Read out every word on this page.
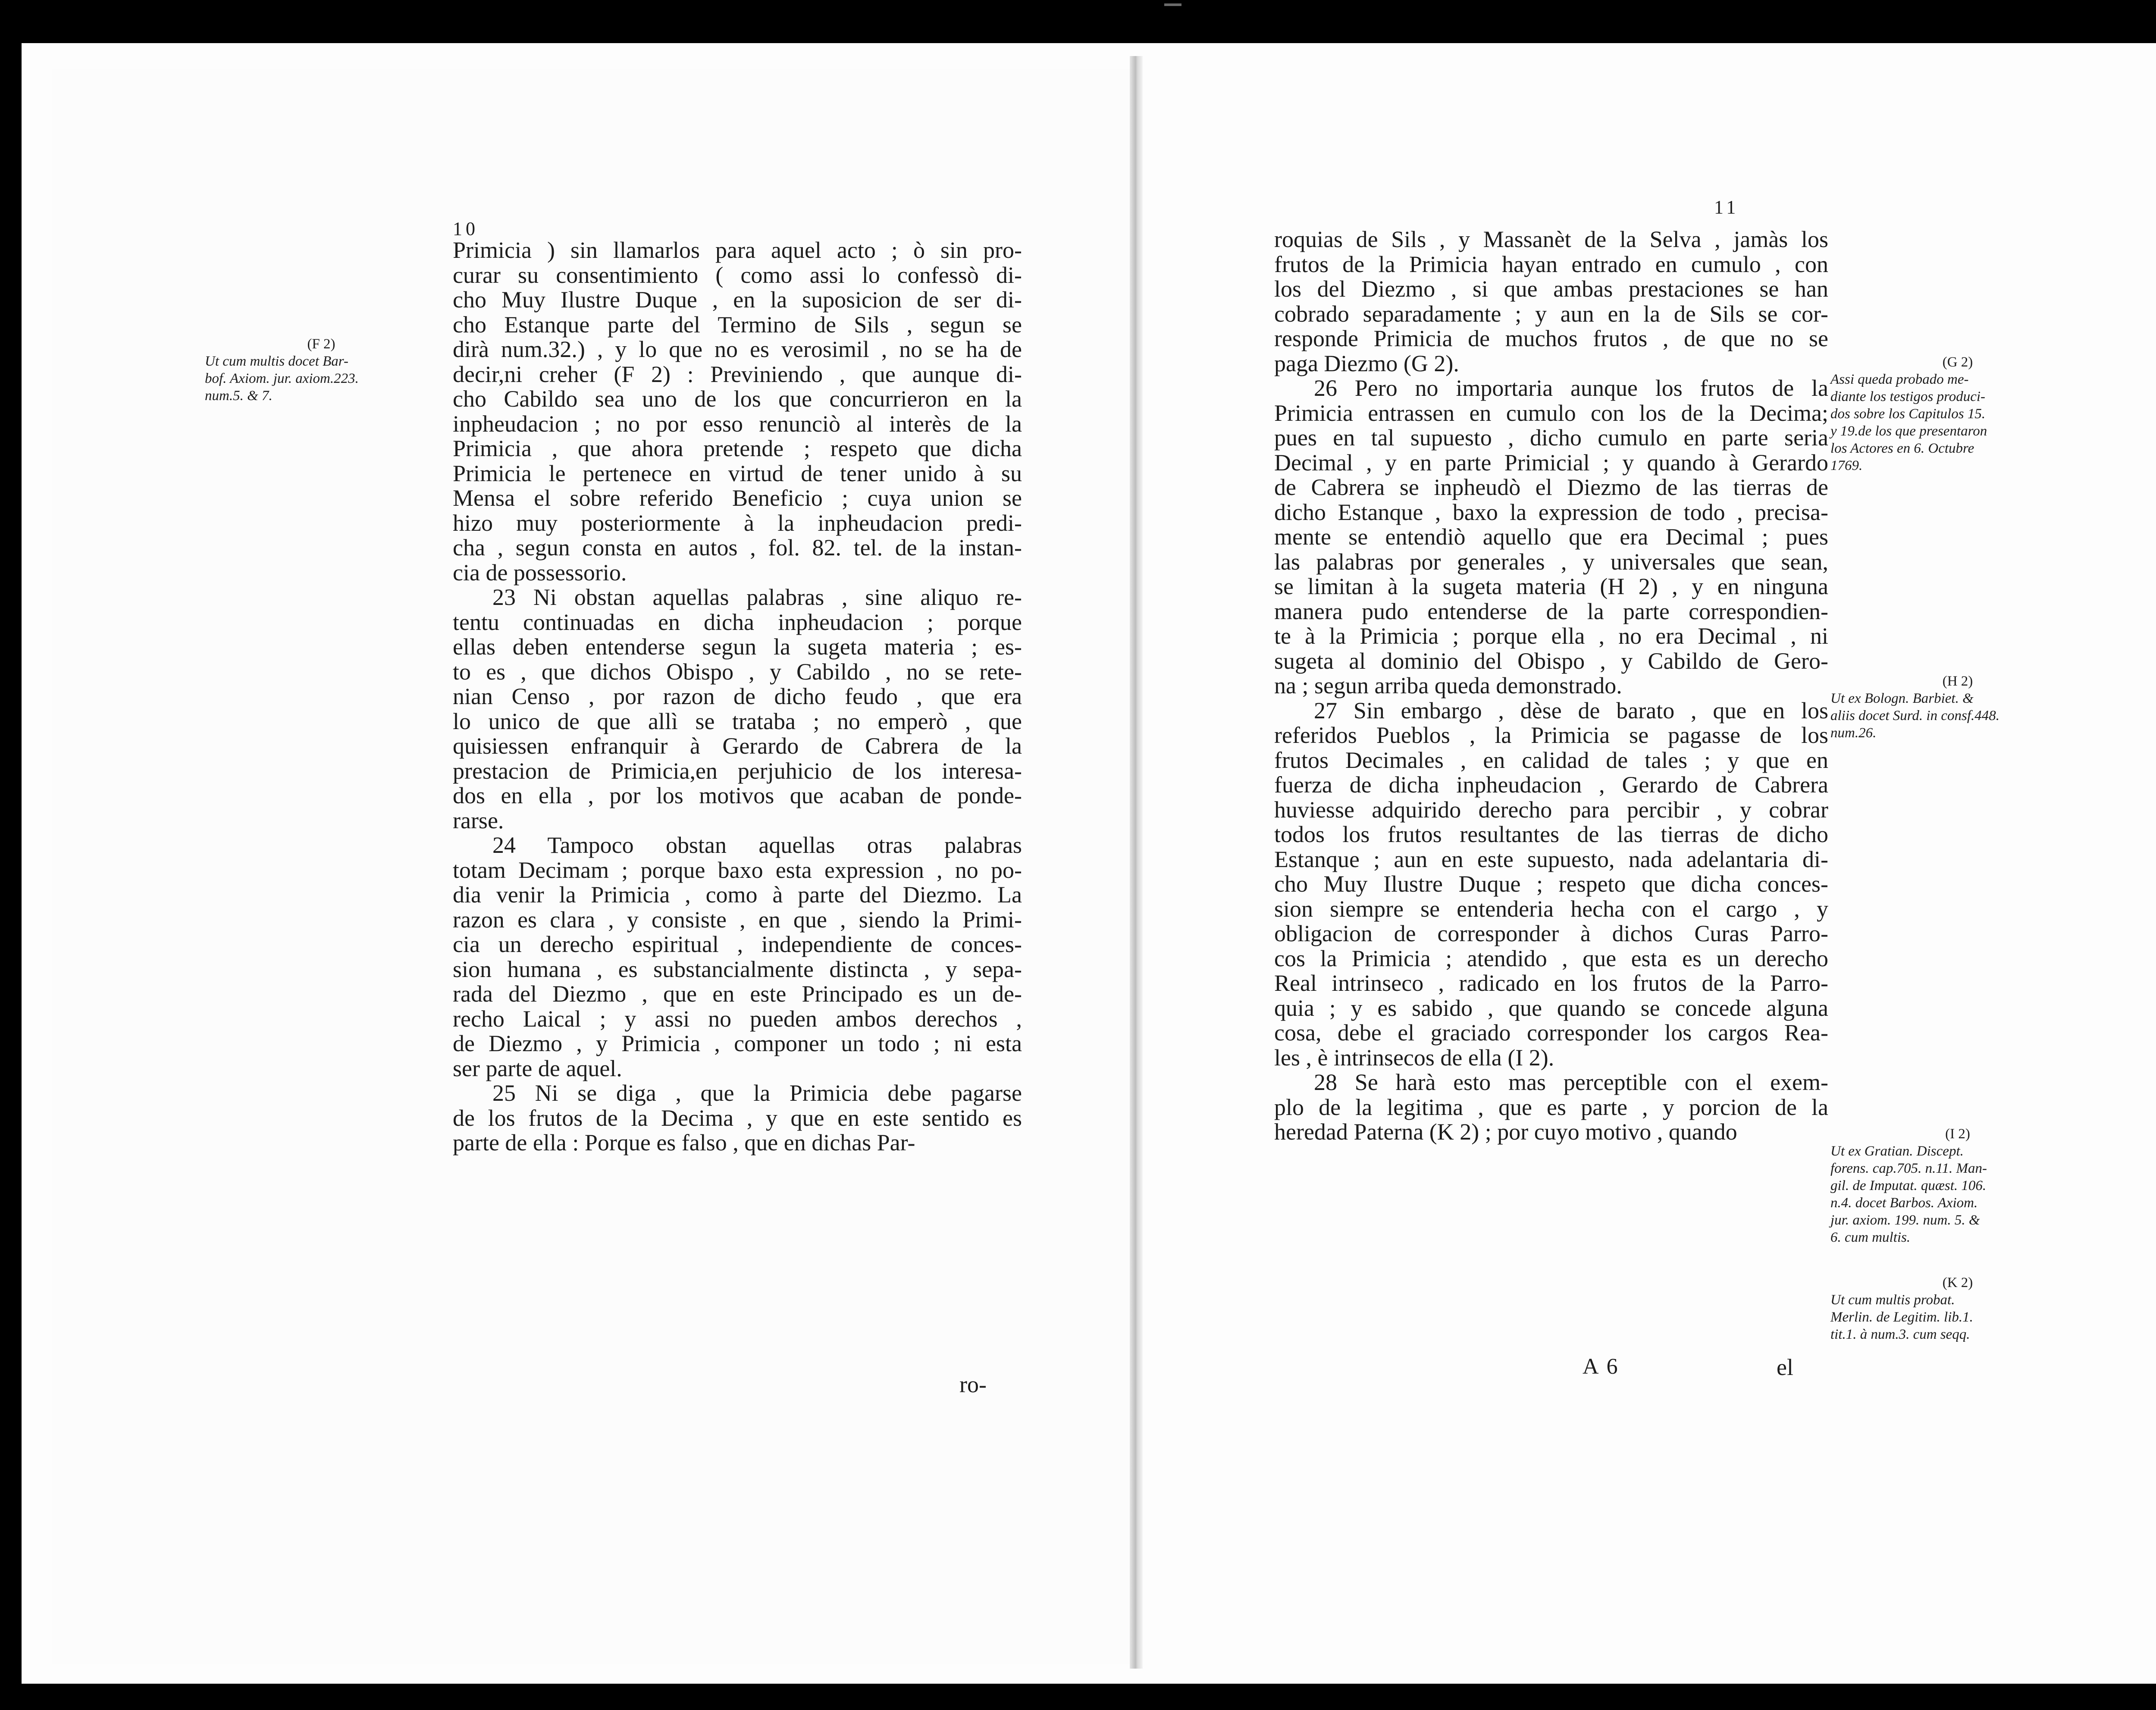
10
(F 2)
Ut cum multis docet Bar-
bof. Axiom. jur. axiom.223.
num.5. & 7.
Primicia ) sin llamarlos para aquel acto ; ò sin pro-
curar su consentimiento ( como assi lo confessò di-
cho Muy Ilustre Duque , en la suposicion de ser di-
cho Estanque parte del Termino de Sils , segun se
dirà num.32.) , y lo que no es verosimil , no se ha de
decir,ni creher (F 2) : Previniendo , que aunque di-
cho Cabildo sea uno de los que concurrieron en la
inpheudacion ; no por esso renunciò al interès de la
Primicia , que ahora pretende ; respeto que dicha
Primicia le pertenece en virtud de tener unido à su
Mensa el sobre referido Beneficio ; cuya union se
hizo muy posteriormente à la inpheudacion predi-
cha , segun consta en autos , fol. 82. tel. de la instan-
cia de possessorio.
23 Ni obstan aquellas palabras , sine aliquo re-
tentu continuadas en dicha inpheudacion ; porque
ellas deben entenderse segun la sugeta materia ; es-
to es , que dichos Obispo , y Cabildo , no se rete-
nian Censo , por razon de dicho feudo , que era
lo unico de que allì se trataba ; no emperò , que
quisiessen enfranquir à Gerardo de Cabrera de la
prestacion de Primicia,en perjuhicio de los interesa-
dos en ella , por los motivos que acaban de ponde-
rarse.
24 Tampoco obstan aquellas otras palabras
totam Decimam ; porque baxo esta expression , no po-
dia venir la Primicia , como à parte del Diezmo. La
razon es clara , y consiste , en que , siendo la Primi-
cia un derecho espiritual , independiente de conces-
sion humana , es substancialmente distincta , y sepa-
rada del Diezmo , que en este Principado es un de-
recho Laical ; y assi no pueden ambos derechos ,
de Diezmo , y Primicia , componer un todo ; ni esta
ser parte de aquel.
25 Ni se diga , que la Primicia debe pagarse
de los frutos de la Decima , y que en este sentido es
parte de ella : Porque es falso , que en dichas Par-
ro-
11
roquias de Sils , y Massanèt de la Selva , jamàs los
frutos de la Primicia hayan entrado en cumulo , con
los del Diezmo , si que ambas prestaciones se han
cobrado separadamente ; y aun en la de Sils se cor-
responde Primicia de muchos frutos , de que no se
paga Diezmo (G 2).
26 Pero no importaria aunque los frutos de la
Primicia entrassen en cumulo con los de la Decima;
pues en tal supuesto , dicho cumulo en parte seria
Decimal , y en parte Primicial ; y quando à Gerardo
de Cabrera se inpheudò el Diezmo de las tierras de
dicho Estanque , baxo la expression de todo , precisa-
mente se entendiò aquello que era Decimal ; pues
las palabras por generales , y universales que sean,
se limitan à la sugeta materia (H 2) , y en ninguna
manera pudo entenderse de la parte correspondien-
te à la Primicia ; porque ella , no era Decimal , ni
sugeta al dominio del Obispo , y Cabildo de Gero-
na ; segun arriba queda demonstrado.
27 Sin embargo , dèse de barato , que en los
referidos Pueblos , la Primicia se pagasse de los
frutos Decimales , en calidad de tales ; y que en
fuerza de dicha inpheudacion , Gerardo de Cabrera
huviesse adquirido derecho para percibir , y cobrar
todos los frutos resultantes de las tierras de dicho
Estanque ; aun en este supuesto, nada adelantaria di-
cho Muy Ilustre Duque ; respeto que dicha conces-
sion siempre se entenderia hecha con el cargo , y
obligacion de corresponder à dichos Curas Parro-
cos la Primicia ; atendido , que esta es un derecho
Real intrinseco , radicado en los frutos de la Parro-
quia ; y es sabido , que quando se concede alguna
cosa, debe el graciado corresponder los cargos Rea-
les , è intrinsecos de ella (I 2).
28 Se harà esto mas perceptible con el exem-
plo de la legitima , que es parte , y porcion de la
heredad Paterna (K 2) ; por cuyo motivo , quando
A 6	el
(G 2)
Assi queda probado me-
diante los testigos produci-
dos sobre los Capitulos 15.
y 19.de los que presentaron
los Actores en 6. Octubre
1769.
(H 2)
Ut ex Bologn. Barbiet. &
aliis docet Surd. in consf.448.
num.26.
(I 2)
Ut ex Gratian. Discept.
forens. cap.705. n.11. Man-
gil. de Imputat. quæst. 106.
n.4. docet Barbos. Axiom.
jur. axiom. 199. num. 5. &
6. cum multis.
(K 2)
Ut cum multis probat.
Merlin. de Legitim. lib.1.
tit.1. à num.3. cum seqq.
